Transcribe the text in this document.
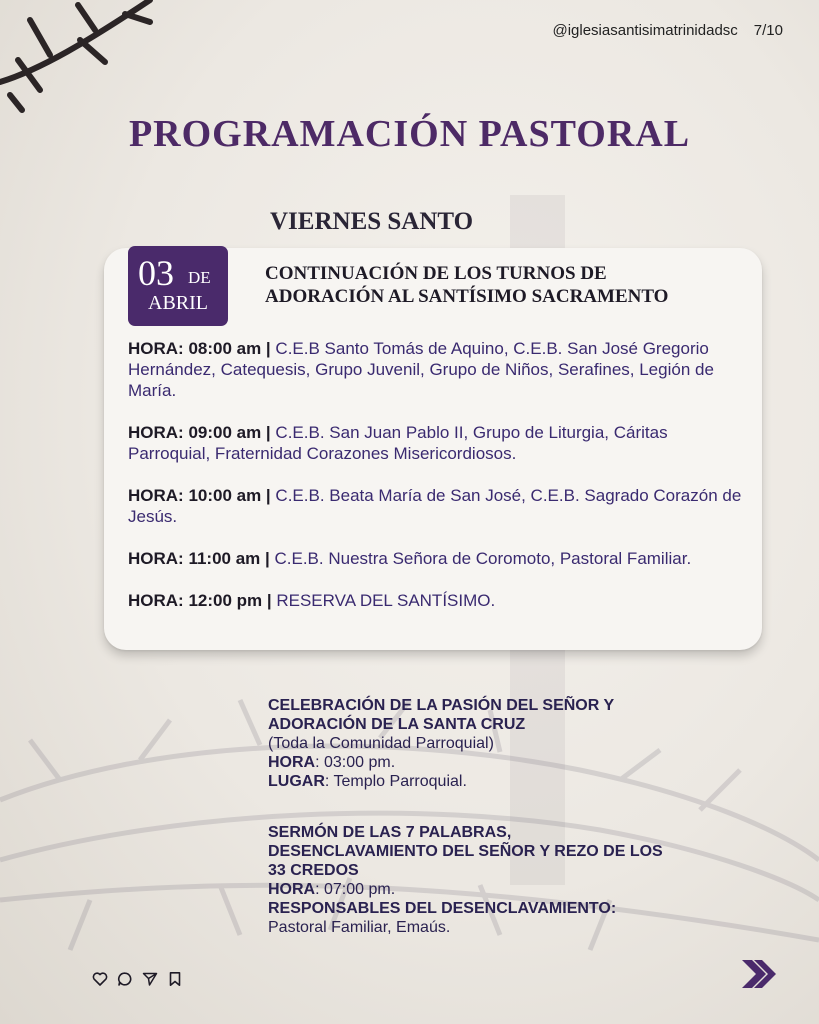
@iglesiasantisimatrinidadsc 7/10
PROGRAMACIÓN PASTORAL
VIERNES SANTO
03 DE
ABRIL
CONTINUACIÓN DE LOS TURNOS DE
ADORACIÓN AL SANTÍSIMO SACRAMENTO
HORA: 08:00 am | C.E.B Santo Tomás de Aquino, C.E.B. San José Gregorio Hernández, Catequesis, Grupo Juvenil, Grupo de Niños, Serafines, Legión de María.
HORA: 09:00 am | C.E.B. San Juan Pablo II, Grupo de Liturgia, Cáritas Parroquial, Fraternidad Corazones Misericordiosos.
HORA: 10:00 am | C.E.B. Beata María de San José, C.E.B. Sagrado Corazón de Jesús.
HORA: 11:00 am | C.E.B. Nuestra Señora de Coromoto, Pastoral Familiar.
HORA: 12:00 pm | RESERVA DEL SANTÍSIMO.
CELEBRACIÓN DE LA PASIÓN DEL SEÑOR Y
ADORACIÓN DE LA SANTA CRUZ
(Toda la Comunidad Parroquial)
HORA: 03:00 pm.
LUGAR: Templo Parroquial.
SERMÓN DE LAS 7 PALABRAS,
DESENCLAVAMIENTO DEL SEÑOR Y REZO DE LOS
33 CREDOS
HORA: 07:00 pm.
RESPONSABLES DEL DESENCLAVAMIENTO:
Pastoral Familiar, Emaús.
